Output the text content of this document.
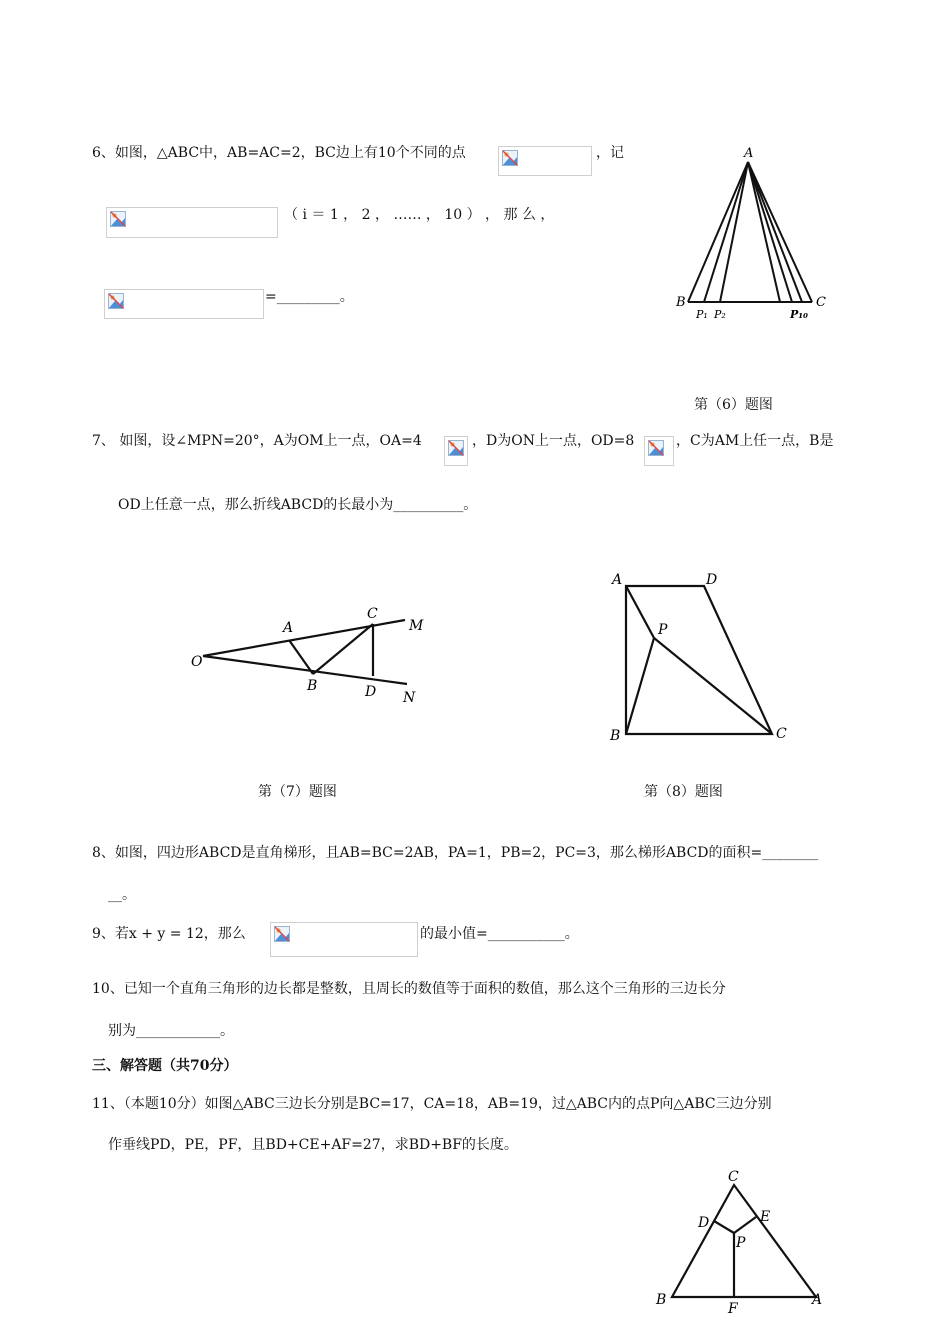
6、如图，△ABC中，AB=AC=2，BC边上有10个不同的点	，记
（ i ＝ 1 ， 2 ， …… ， 10 ） ， 那 么 ，
=_________。
A
B	C
P₁ P₂	P₁₀
第（6）题图
7、 如图，设∠MPN=20°，A为OM上一点，OA=4	，D为ON上一点，OD=8	，C为AM上任一点，B是
OD上任意一点，那么折线ABCD的长最小为__________。
O
A
C
M
B	D N
第（7）题图
A	D
P
B	C
第（8）题图
8、如图，四边形ABCD是直角梯形，且AB=BC=2AB，PA=1，PB=2，PC=3，那么梯形ABCD的面积=________
__。
9、若x + y = 12，那么	的最小值=___________。
10、已知一个直角三角形的边长都是整数，且周长的数值等于面积的数值，那么这个三角形的三边长分
别为____________。
三、解答题（共70分）
11、（本题10分）如图△ABC三边长分别是BC=17，CA=18，AB=19，过△ABC内的点P向△ABC三边分别
作垂线PD，PE，PF，且BD+CE+AF=27，求BD+BF的长度。
C
D	E
P
B
F
A
